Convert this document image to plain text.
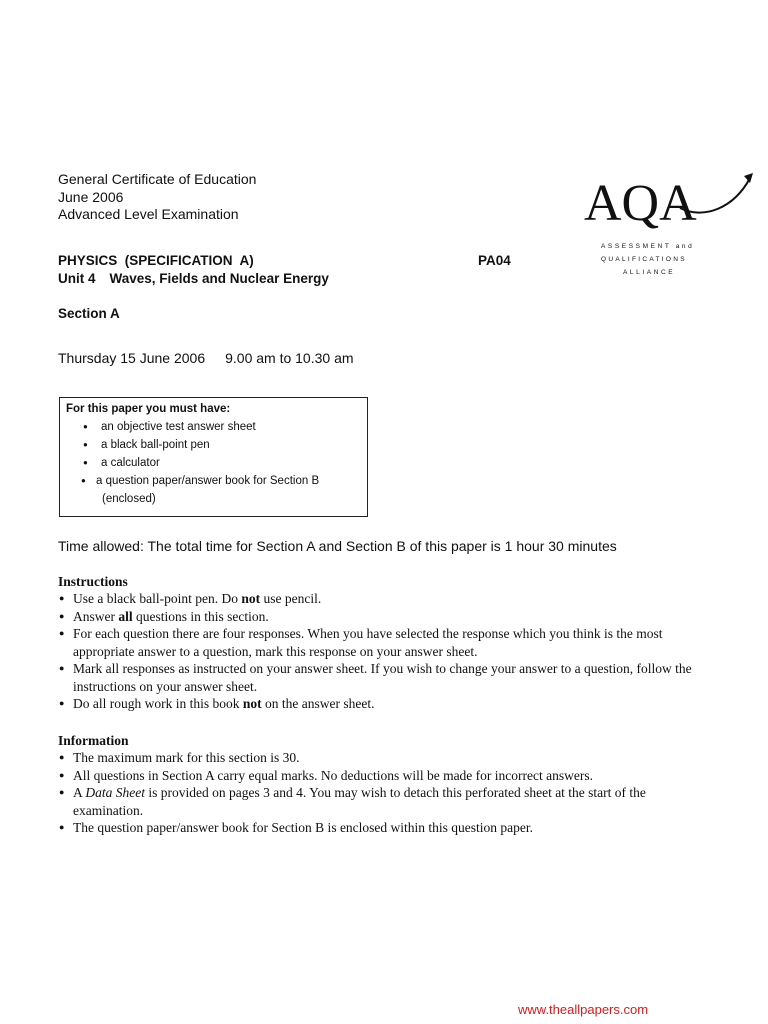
General Certificate of Education
June 2006
Advanced Level Examination	AQA
ASSESSMENT and
QUALIFICATIONS
ALLIANCE
PHYSICS  (SPECIFICATION  A)	PA04
Unit 4 Waves, Fields and Nuclear Energy
Section A
Thursday 15 June 2006 9.00 am to 10.30 am
For this paper you must have:
● an objective test answer sheet
● a black ball-point pen
● a calculator
● a question paper/answer book for Section B
(enclosed)
Time allowed: The total time for Section A and Section B of this paper is 1 hour 30 minutes
Instructions
● Use a black ball-point pen. Do not use pencil.
● Answer all questions in this section.
● For each question there are four responses. When you have selected the response which you think is the most appropriate answer to a question, mark this response on your answer sheet.
● Mark all responses as instructed on your answer sheet. If you wish to change your answer to a question, follow the instructions on your answer sheet.
● Do all rough work in this book not on the answer sheet.
Information
● The maximum mark for this section is 30.
● All questions in Section A carry equal marks. No deductions will be made for incorrect answers.
● A Data Sheet is provided on pages 3 and 4. You may wish to detach this perforated sheet at the start of the examination.
● The question paper/answer book for Section B is enclosed within this question paper.
www.theallpapers.com
